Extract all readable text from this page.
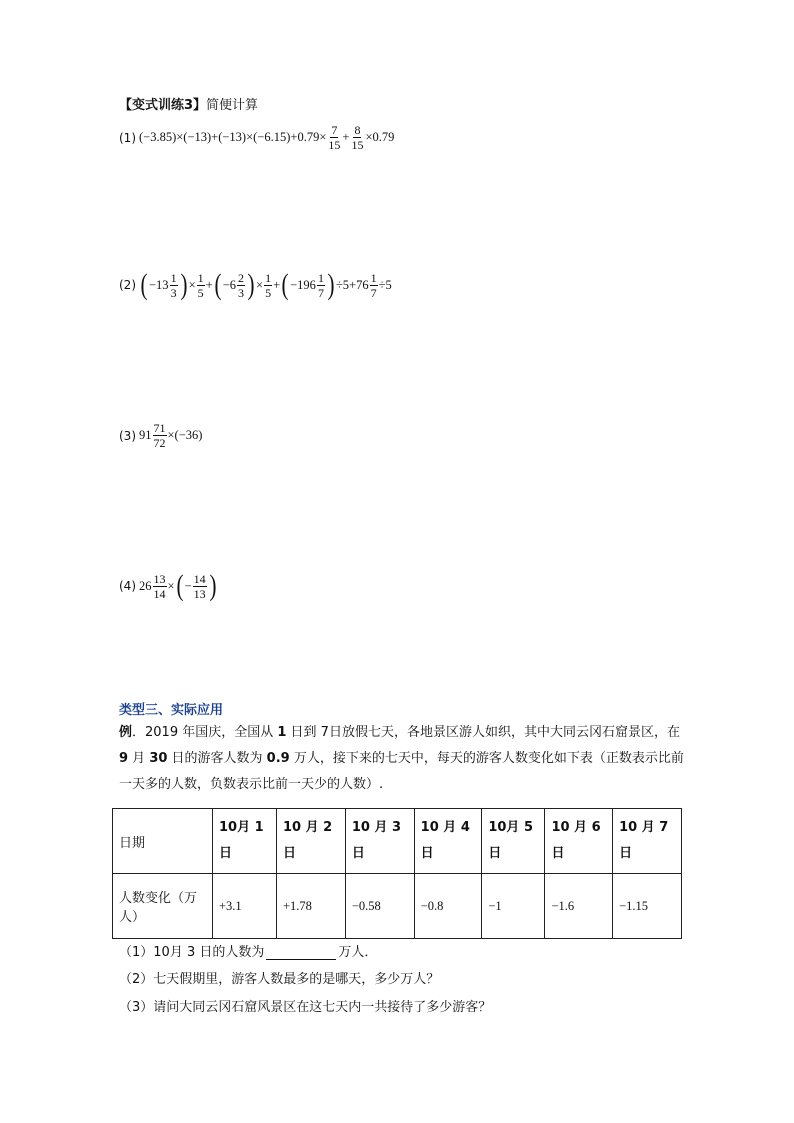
【变式训练3】简便计算
(1) $(-3.85)\times(-13)+(-13)\times(-6.15)+0.79\times \frac{7}{15} + \frac{8}{15} \times 0.79$
(2) ( $-13 \frac{1}{3}$ ) × $\frac{1}{5}$ + ( $-6 \frac{2}{3}$ ) × $\frac{1}{5}$ + ( $-196 \frac{1}{7}$ ) $\div 5+76 \frac{1}{7} \div 5$
(3) $91 \frac{71}{72} \times(-36)$
(4) $26 \frac{13}{14}$ × ( − $\frac{14}{13}$ )
类型三、实际应用
例．2019 年国庆，全国从 1 日到 7日放假七天，各地景区游人如织，其中大同云冈石窟景区，在 9 月 30 日的游客人数为 0.9 万人，接下来的七天中，每天的游客人数变化如下表（正数表示比前一天多的人数，负数表示比前一天少的人数）.
日期	10月 1日	10 月 2日	10 月 3日	10 月 4日	10月 5日	10 月 6日	10 月 7日
人数变化（万人）	+3.1	+1.78	−0.58	−0.8	−1	−1.6	−1.15
（1）10月 3 日的人数为	万人．
（2）七天假期里，游客人数最多的是哪天，多少万人？
（3）请问大同云冈石窟风景区在这七天内一共接待了多少游客？
